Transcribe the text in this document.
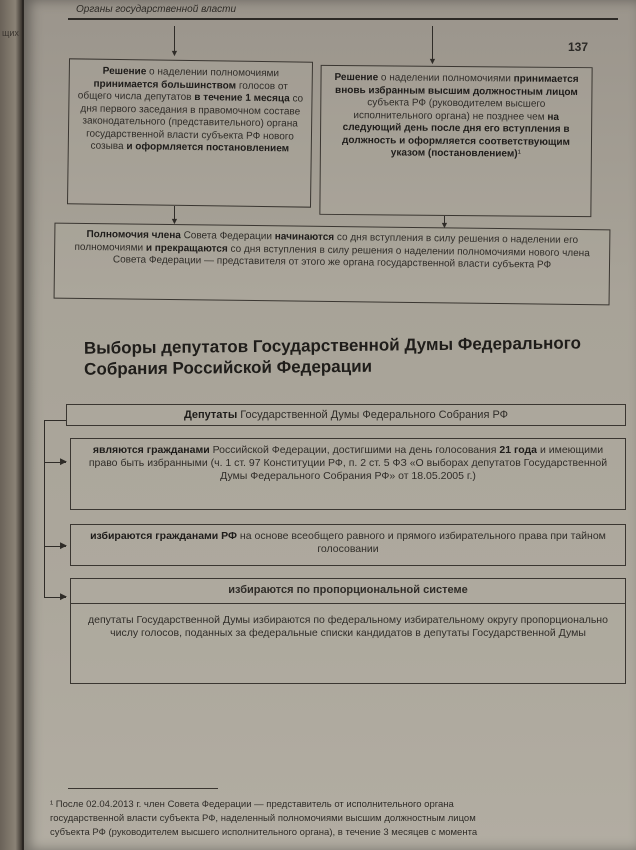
щих
Органы государственной власти
137
▼
▼
Решение о наделении полномочиями принимается большинством голосов от общего числа депутатов в течение 1 месяца со дня первого заседания в правомочном составе законодательного (представительного) органа государственной власти субъекта РФ нового созыва и оформляется постановлением
Решение о наделении полномочиями принимается вновь избранным высшим должностным лицом субъекта РФ (руководителем высшего исполнительного органа) не позднее чем на следующий день после дня его вступления в должность и оформляется соответствующим указом (постановлением)¹
▼	▼
Полномочия члена Совета Федерации начинаются со дня вступления в силу решения о наделении его полномочиями и прекращаются со дня вступления в силу решения о наделении полномочиями нового члена Совета Федерации — представителя от этого же органа государственной власти субъекта РФ
Выборы депутатов Государственной Думы Федерального Собрания Российской Федерации
▶
▶
▶
Депутаты Государственной Думы Федерального Собрания РФ
являются гражданами Российской Федерации, достигшими на день голосования 21 года и имеющими право быть избранными (ч. 1 ст. 97 Конституции РФ, п. 2 ст. 5 ФЗ «О выборах депутатов Государственной Думы Федерального Собрания РФ» от 18.05.2005 г.)
избираются гражданами РФ на основе всеобщего равного и прямого избирательного права при тайном голосовании
избираются по пропорциональной системе
депутаты Государственной Думы избираются по федеральному избирательному округу пропорционально числу голосов, поданных за федеральные списки кандидатов в депутаты Государственной Думы

¹ После 02.04.2013 г. член Совета Федерации — представитель от исполнительного органа

государственной власти субъекта РФ, наделенный полномочиями высшим должностным лицом

субъекта РФ (руководителем высшего исполнительного органа), в течение 3 месяцев с момента
